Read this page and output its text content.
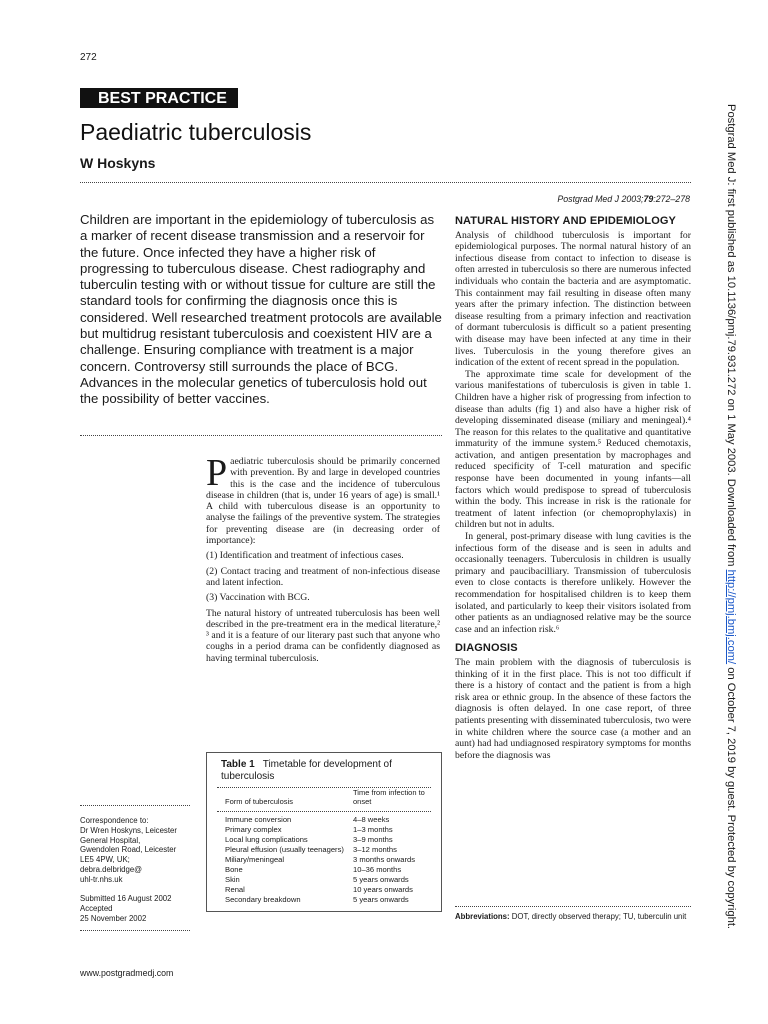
272
BEST PRACTICE
Paediatric tuberculosis
W Hoskyns
Postgrad Med J 2003;79:272–278

Children are important in the epidemiology of tuberculosis as a marker of recent disease transmission and a reservoir for the future. Once infected they have a higher risk of progressing to tuberculous disease. Chest radiography and tuberculin testing with or without tissue for culture are still the standard tools for confirming the diagnosis once this is considered. Well researched treatment protocols are available but multidrug resistant tuberculosis and coexistent HIV are a challenge. Ensuring compliance with treatment is a major concern. Controversy still surrounds the place of BCG. Advances in the molecular genetics of tuberculosis hold out the possibility of better vaccines.

Paediatric tuberculosis should be primarily concerned with prevention. By and large in developed countries this is the case and the incidence of tuberculous disease in children (that is, under 16 years of age) is small.¹ A child with tuberculous disease is an opportunity to analyse the failings of the preventive system. The strategies for preventing disease are (in decreasing order of importance):

(1) Identification and treatment of infectious cases.

(2) Contact tracing and treatment of non-infectious disease and latent infection.

(3) Vaccination with BCG.

The natural history of untreated tuberculosis has been well described in the pre-treatment era in the medical literature,² ³ and it is a feature of our literary past such that anyone who coughs in a period drama can be confidently diagnosed as having terminal tuberculosis.

Table 1 Timetable for development of tuberculosis
Form of tuberculosis
Time from infection to onset
Immune conversion	4–8 weeks
Primary complex	1–3 months
Local lung complications	3–9 months
Pleural effusion (usually teenagers) 3–12 months
Miliary/meningeal	3 months onwards
Bone	10–36 months
Skin	5 years onwards
Renal	10 years onwards
Secondary breakdown	5 years onwards
NATURAL HISTORY AND EPIDEMIOLOGY

Analysis of childhood tuberculosis is important for epidemiological purposes. The normal natural history of an infectious disease from contact to infection to disease is often arrested in tuberculosis so there are numerous infected individuals who contain the bacteria and are asymptomatic. This containment may fail resulting in disease often many years after the primary infection. The distinction between disease resulting from a primary infection and reactivation of dormant tuberculosis is difficult so a patient presenting with disease may have been infected at any time in their lives. Tuberculosis in the young therefore gives an indication of the extent of recent spread in the population.

The approximate time scale for development of the various manifestations of tuberculosis is given in table 1. Children have a higher risk of progressing from infection to disease than adults (fig 1) and also have a higher risk of developing disseminated disease (miliary and meningeal).⁴ The reason for this relates to the qualitative and quantitative immaturity of the immune system.⁵ Reduced chemotaxis, activation, and antigen presentation by macrophages and reduced specificity of T-cell maturation and specific response have been documented in young infants—all factors which would predispose to spread of tuberculosis within the body. This increase in risk is the rationale for treatment of latent infection (or chemoprophylaxis) in children but not in adults.

In general, post-primary disease with lung cavities is the infectious form of the disease and is seen in adults and occasionally teenagers. Tuberculosis in children is usually primary and paucibacilliary. Transmission of tuberculosis even to close contacts is therefore unlikely. However the recommendation for hospitalised children is to keep them isolated, and particularly to keep their visitors isolated from other patients as an undiagnosed relative may be the source case and an infection risk.⁶

DIAGNOSIS

The main problem with the diagnosis of tuberculosis is thinking of it in the first place. This is not too difficult if there is a history of contact and the patient is from a high risk area or ethnic group. In the absence of these factors the diagnosis is often delayed. In one case report, of three patients presenting with disseminated tuberculosis, two were in white children where the source case (a mother and an aunt) had had undiagnosed respiratory symptoms for months before the diagnosis was

Correspondence to:
Dr Wren Hoskyns, Leicester
General Hospital,
Gwendolen Road, Leicester
LE5 4PW, UK;
debra.delbridge@
uhl-tr.nhs.uk
Submitted 16 August 2002
Accepted
25 November 2002	Abbreviations: DOT, directly observed therapy; TU, tuberculin unit
www.postgradmedj.com
Postgrad Med J: first published as 10.1136/pmj.79.931.272 on 1 May 2003. Downloaded from http://pmj.bmj.com/ on October 7, 2019 by guest. Protected by copyright.
